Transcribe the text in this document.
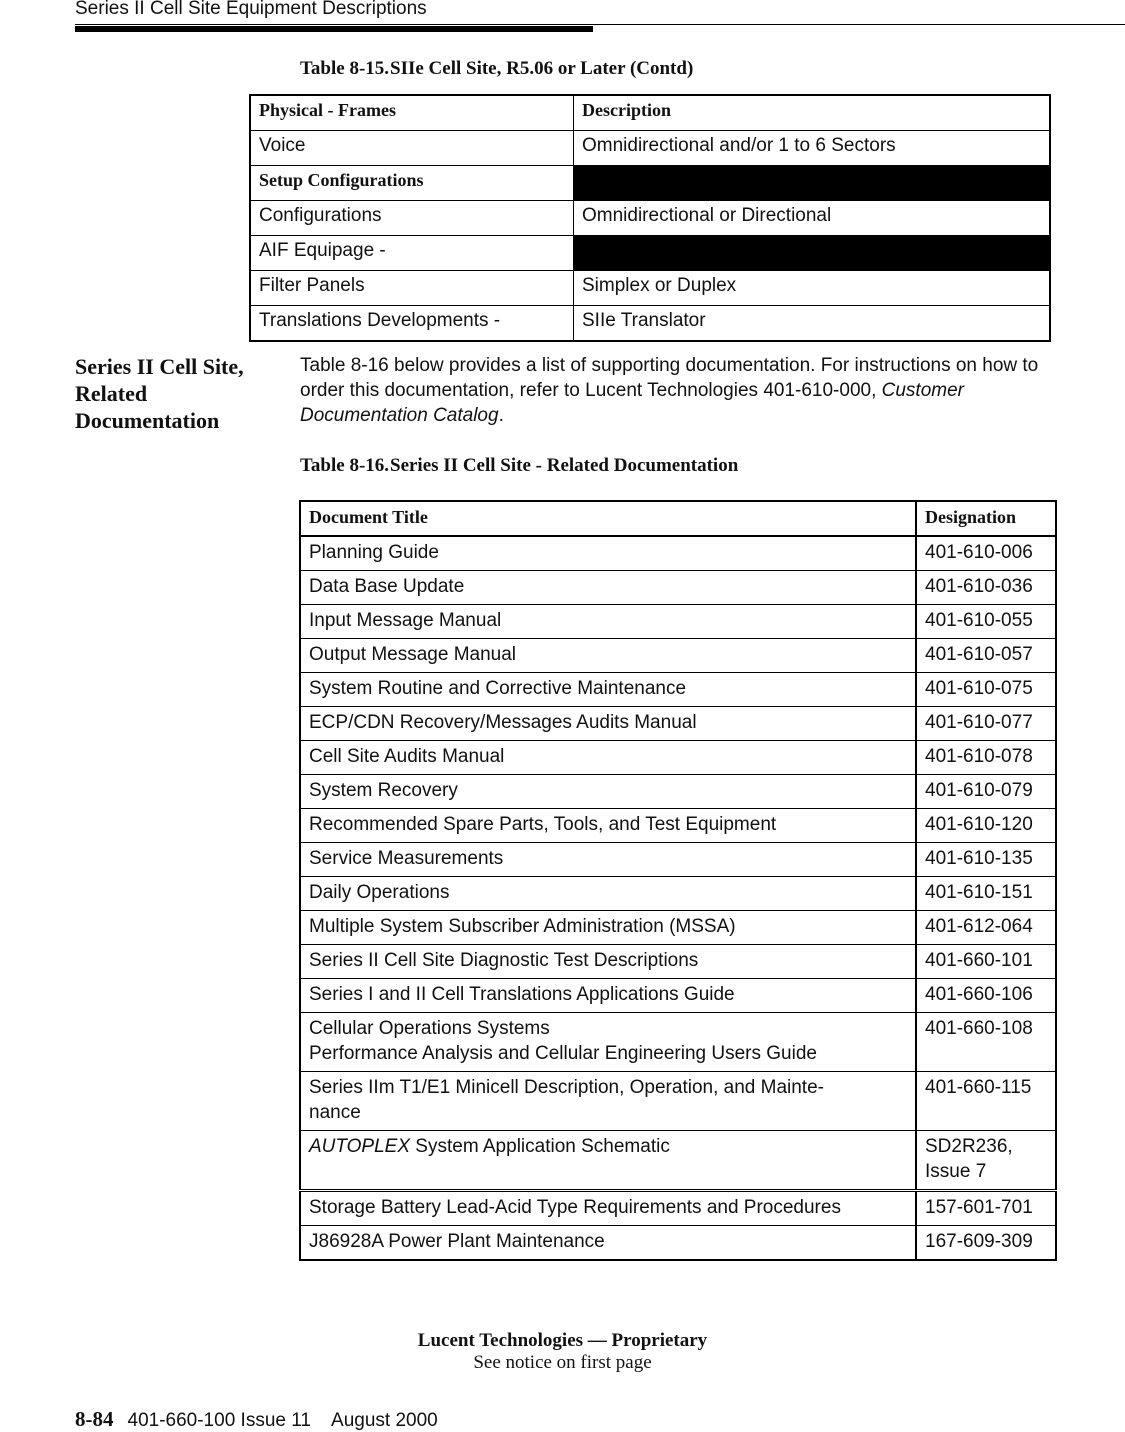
Series II Cell Site Equipment Descriptions
Table 8-15.SIIe Cell Site, R5.06 or Later (Contd)
Physical - Frames	Description
Voice	Omnidirectional and/or 1 to 6 Sectors
Setup Configurations	
Configurations	Omnidirectional or Directional
AIF Equipage -	
Filter Panels	Simplex or Duplex
Translations Developments -	SIIe Translator
Series II Cell Site, Related Documentation
Table 8-16 below provides a list of supporting documentation. For instructions on how to order this documentation, refer to Lucent Technologies 401-610-000, Customer Documentation Catalog.
Table 8-16.Series II Cell Site - Related Documentation
Document Title	Designation
Planning Guide	401-610-006
Data Base Update	401-610-036
Input Message Manual	401-610-055
Output Message Manual	401-610-057
System Routine and Corrective Maintenance	401-610-075
ECP/CDN Recovery/Messages Audits Manual	401-610-077
Cell Site Audits Manual	401-610-078
System Recovery	401-610-079
Recommended Spare Parts, Tools, and Test Equipment	401-610-120
Service Measurements	401-610-135
Daily Operations	401-610-151
Multiple System Subscriber Administration (MSSA)	401-612-064
Series II Cell Site Diagnostic Test Descriptions	401-660-101
Series I and II Cell Translations Applications Guide	401-660-106
Cellular Operations Systems
Performance Analysis and Cellular Engineering Users Guide	401-660-108
Series IIm T1/E1 Minicell Description, Operation, and Mainte-
nance	401-660-115
AUTOPLEX System Application Schematic	SD2R236,
Issue 7
Storage Battery Lead-Acid Type Requirements and Procedures	157-601-701
J86928A Power Plant Maintenance	167-609-309
Lucent Technologies — Proprietary
See notice on first page
8-84 401-660-100 Issue 11    August 2000
